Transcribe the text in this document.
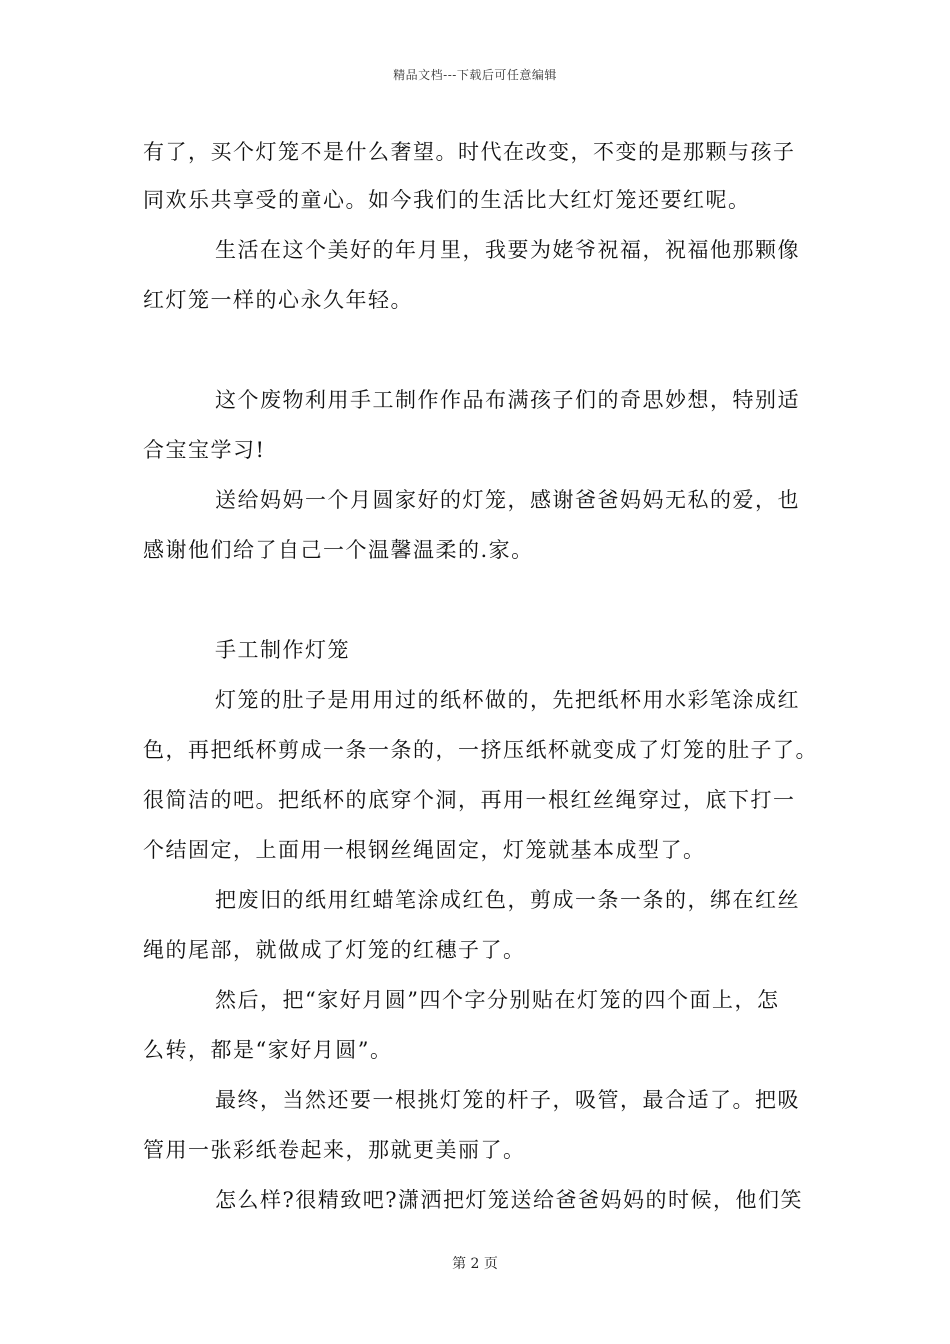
精品文档---下载后可任意编辑
有了，买个灯笼不是什么奢望。时代在改变，不变的是那颗与孩子
同欢乐共享受的童心。如今我们的生活比大红灯笼还要红呢。
生活在这个美好的年月里，我要为姥爷祝福，祝福他那颗像
红灯笼一样的心永久年轻。
这个废物利用手工制作作品布满孩子们的奇思妙想，特别适
合宝宝学习!
送给妈妈一个月圆家好的灯笼，感谢爸爸妈妈无私的爱，也
感谢他们给了自己一个温馨温柔的.家。
手工制作灯笼
灯笼的肚子是用用过的纸杯做的，先把纸杯用水彩笔涂成红
色，再把纸杯剪成一条一条的，一挤压纸杯就变成了灯笼的肚子了。
很简洁的吧。把纸杯的底穿个洞，再用一根红丝绳穿过，底下打一
个结固定，上面用一根钢丝绳固定，灯笼就基本成型了。
把废旧的纸用红蜡笔涂成红色，剪成一条一条的，绑在红丝
绳的尾部，就做成了灯笼的红穗子了。
然后，把“家好月圆”四个字分别贴在灯笼的四个面上，怎
么转，都是“家好月圆”。
最终，当然还要一根挑灯笼的杆子，吸管，最合适了。把吸
管用一张彩纸卷起来，那就更美丽了。
怎么样?很精致吧?潇洒把灯笼送给爸爸妈妈的时候，他们笑
第 2 页
